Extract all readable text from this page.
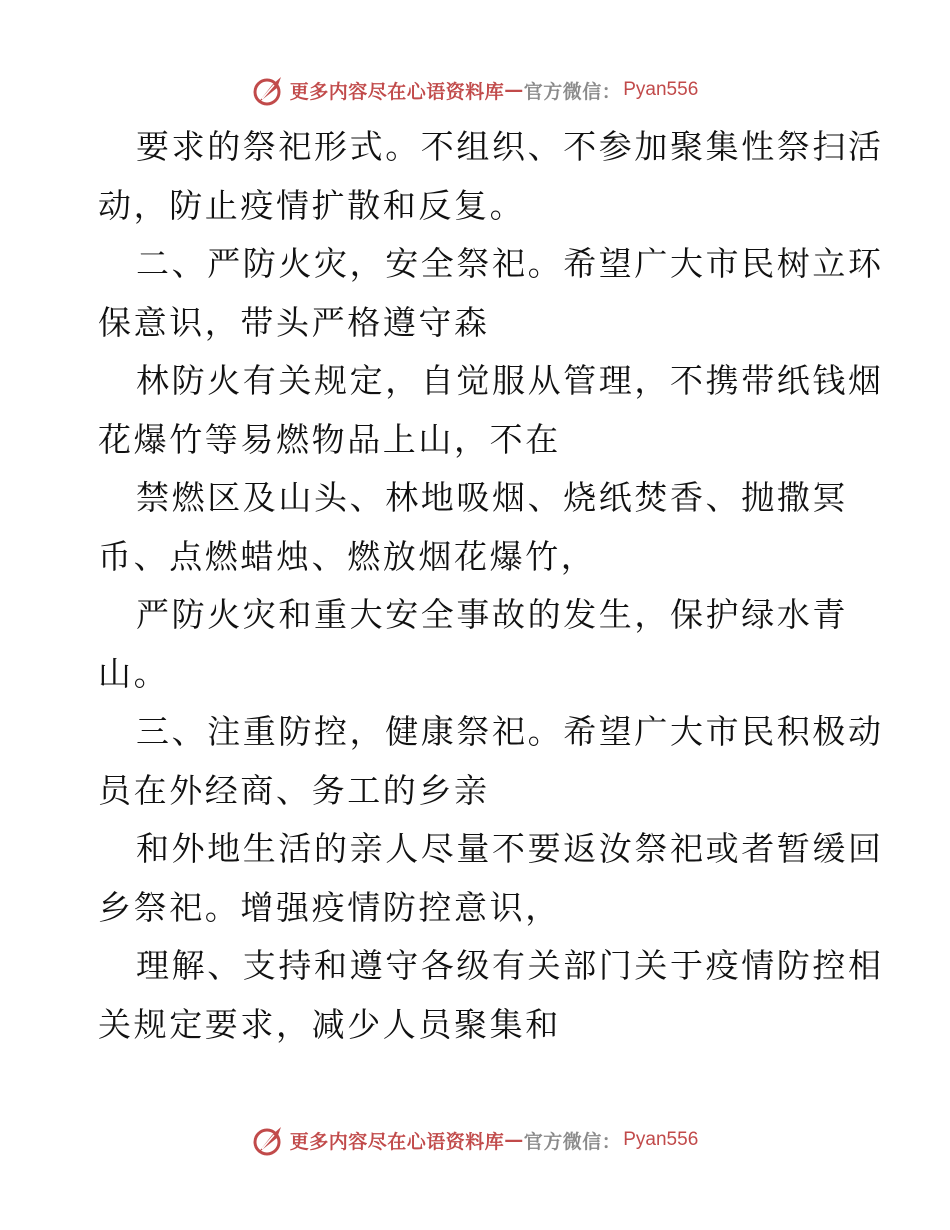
更多内容尽在心语资料库 — 官方微信： Pyan556
要求的祭祀形式。不组织、不参加聚集性祭扫活
动，防止疫情扩散和反复。
二、严防火灾，安全祭祀。希望广大市民树立环
保意识，带头严格遵守森
林防火有关规定，自觉服从管理，不携带纸钱烟
花爆竹等易燃物品上山，不在
禁燃区及山头、林地吸烟、烧纸焚香、抛撒冥
币、点燃蜡烛、燃放烟花爆竹，
严防火灾和重大安全事故的发生，保护绿水青
山。
三、注重防控，健康祭祀。希望广大市民积极动
员在外经商、务工的乡亲
和外地生活的亲人尽量不要返汝祭祀或者暂缓回
乡祭祀。增强疫情防控意识，
理解、支持和遵守各级有关部门关于疫情防控相
关规定要求，减少人员聚集和
更多内容尽在心语资料库 — 官方微信： Pyan556
